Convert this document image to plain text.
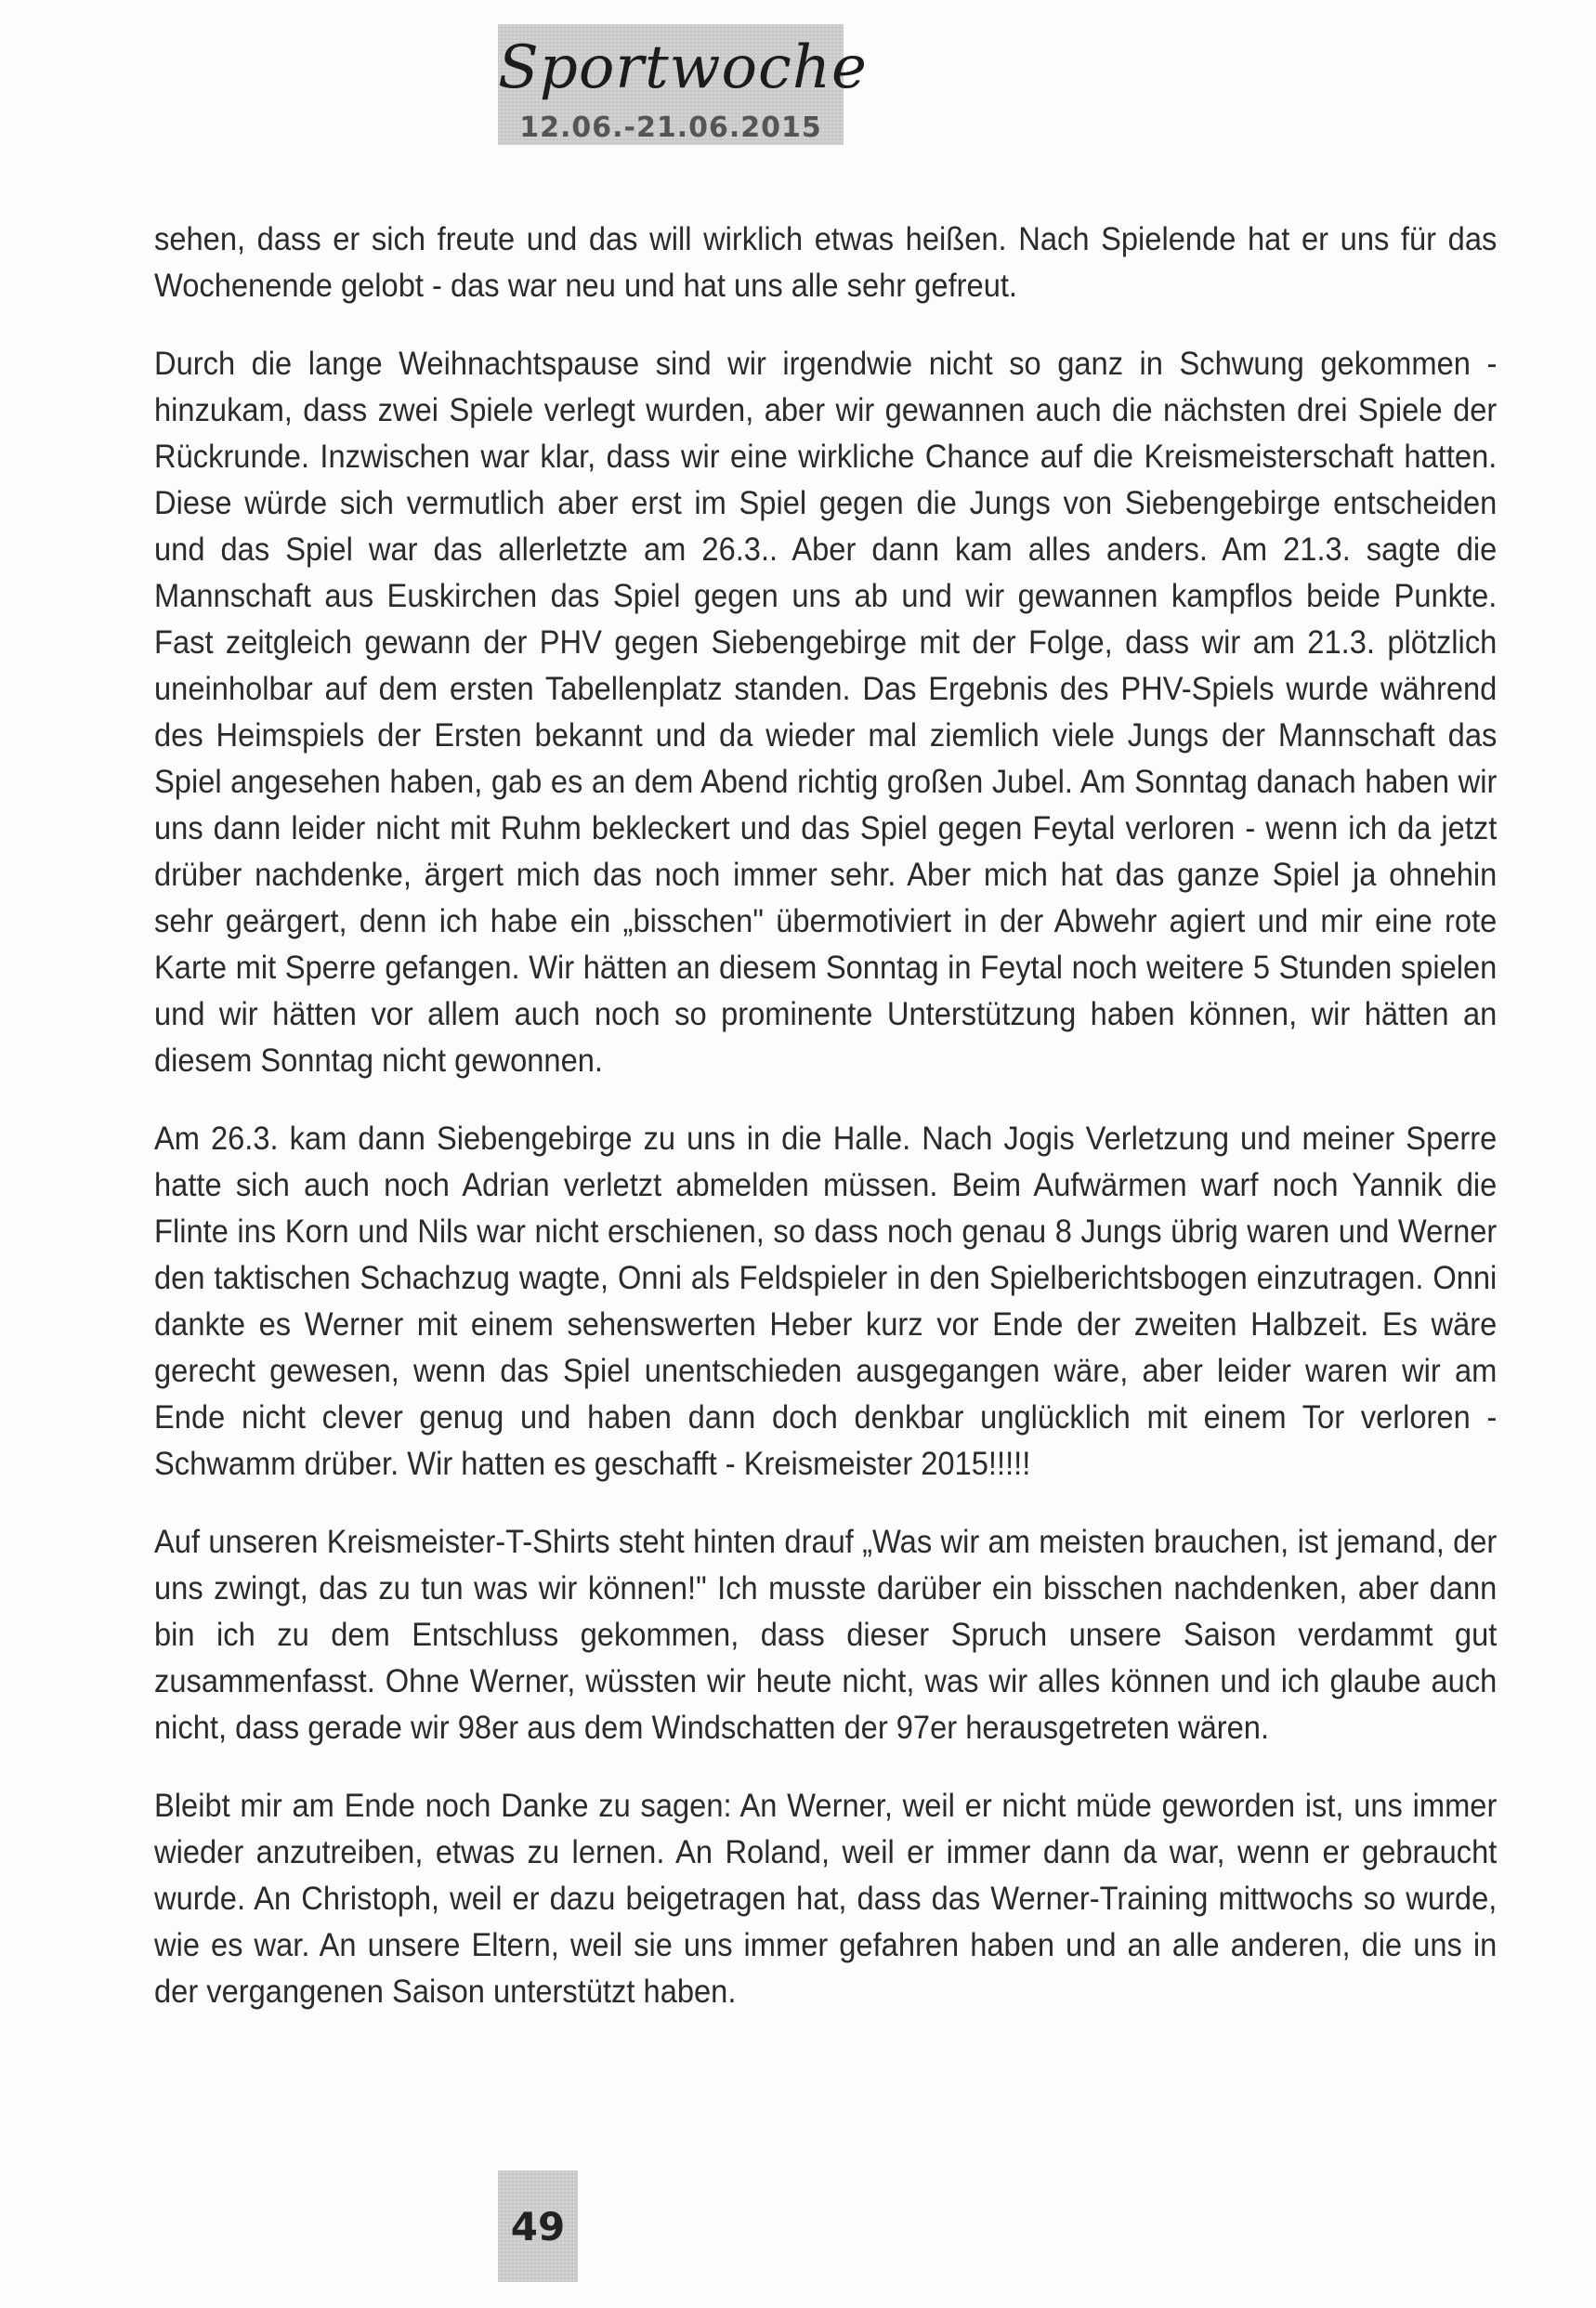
Sportwoche
12.06.-21.06.2015

sehen, dass er sich freute und das will wirklich etwas heißen. Nach Spielende hat er uns für das Wochenende gelobt - das war neu und hat uns alle sehr gefreut.

Durch die lange Weihnachtspause sind wir irgendwie nicht so ganz in Schwung gekommen - hinzukam, dass zwei Spiele verlegt wurden, aber wir gewannen auch die nächsten drei Spiele der Rückrunde. Inzwischen war klar, dass wir eine wirkliche Chance auf die Kreismeisterschaft hatten. Diese würde sich vermutlich aber erst im Spiel gegen die Jungs von Siebengebirge entscheiden und das Spiel war das allerletzte am 26.3.. Aber dann kam alles anders. Am 21.3. sagte die Mannschaft aus Euskirchen das Spiel gegen uns ab und wir gewannen kampflos beide Punkte. Fast zeitgleich gewann der PHV gegen Siebengebirge mit der Folge, dass wir am 21.3. plötzlich uneinholbar auf dem ersten Tabellenplatz standen. Das Ergebnis des PHV-Spiels wurde während des Heimspiels der Ersten bekannt und da wieder mal ziemlich viele Jungs der Mannschaft das Spiel angesehen haben, gab es an dem Abend richtig großen Jubel. Am Sonntag danach haben wir uns dann leider nicht mit Ruhm bekleckert und das Spiel gegen Feytal verloren - wenn ich da jetzt drüber nachdenke, ärgert mich das noch immer sehr. Aber mich hat das ganze Spiel ja ohnehin sehr geärgert, denn ich habe ein „bisschen" übermotiviert in der Abwehr agiert und mir eine rote Karte mit Sperre gefangen. Wir hätten an diesem Sonntag in Feytal noch weitere 5 Stunden spielen und wir hätten vor allem auch noch so prominente Unterstützung haben können, wir hätten an diesem Sonntag nicht gewonnen.

Am 26.3. kam dann Siebengebirge zu uns in die Halle. Nach Jogis Verletzung und meiner Sperre hatte sich auch noch Adrian verletzt abmelden müssen. Beim Aufwärmen warf noch Yannik die Flinte ins Korn und Nils war nicht erschienen, so dass noch genau 8 Jungs übrig waren und Werner den taktischen Schachzug wagte, Onni als Feldspieler in den Spielberichtsbogen einzutragen. Onni dankte es Werner mit einem sehenswerten Heber kurz vor Ende der zweiten Halbzeit. Es wäre gerecht gewesen, wenn das Spiel unentschieden ausgegangen wäre, aber leider waren wir am Ende nicht clever genug und haben dann doch denkbar unglücklich mit einem Tor verloren - Schwamm drüber. Wir hatten es geschafft - Kreismeister 2015!!!!!

Auf unseren Kreismeister-T-Shirts steht hinten drauf „Was wir am meisten brauchen, ist jemand, der uns zwingt, das zu tun was wir können!" Ich musste darüber ein bisschen nachdenken, aber dann bin ich zu dem Entschluss gekommen, dass dieser Spruch unsere Saison verdammt gut zusammenfasst. Ohne Werner, wüssten wir heute nicht, was wir alles können und ich glaube auch nicht, dass gerade wir 98er aus dem Windschatten der 97er herausgetreten wären.

Bleibt mir am Ende noch Danke zu sagen: An Werner, weil er nicht müde geworden ist, uns immer wieder anzutreiben, etwas zu lernen. An Roland, weil er immer dann da war, wenn er gebraucht wurde. An Christoph, weil er dazu beigetragen hat, dass das Werner-Training mittwochs so wurde, wie es war. An unsere Eltern, weil sie uns immer gefahren haben und an alle anderen, die uns in der vergangenen Saison unterstützt haben.

49
